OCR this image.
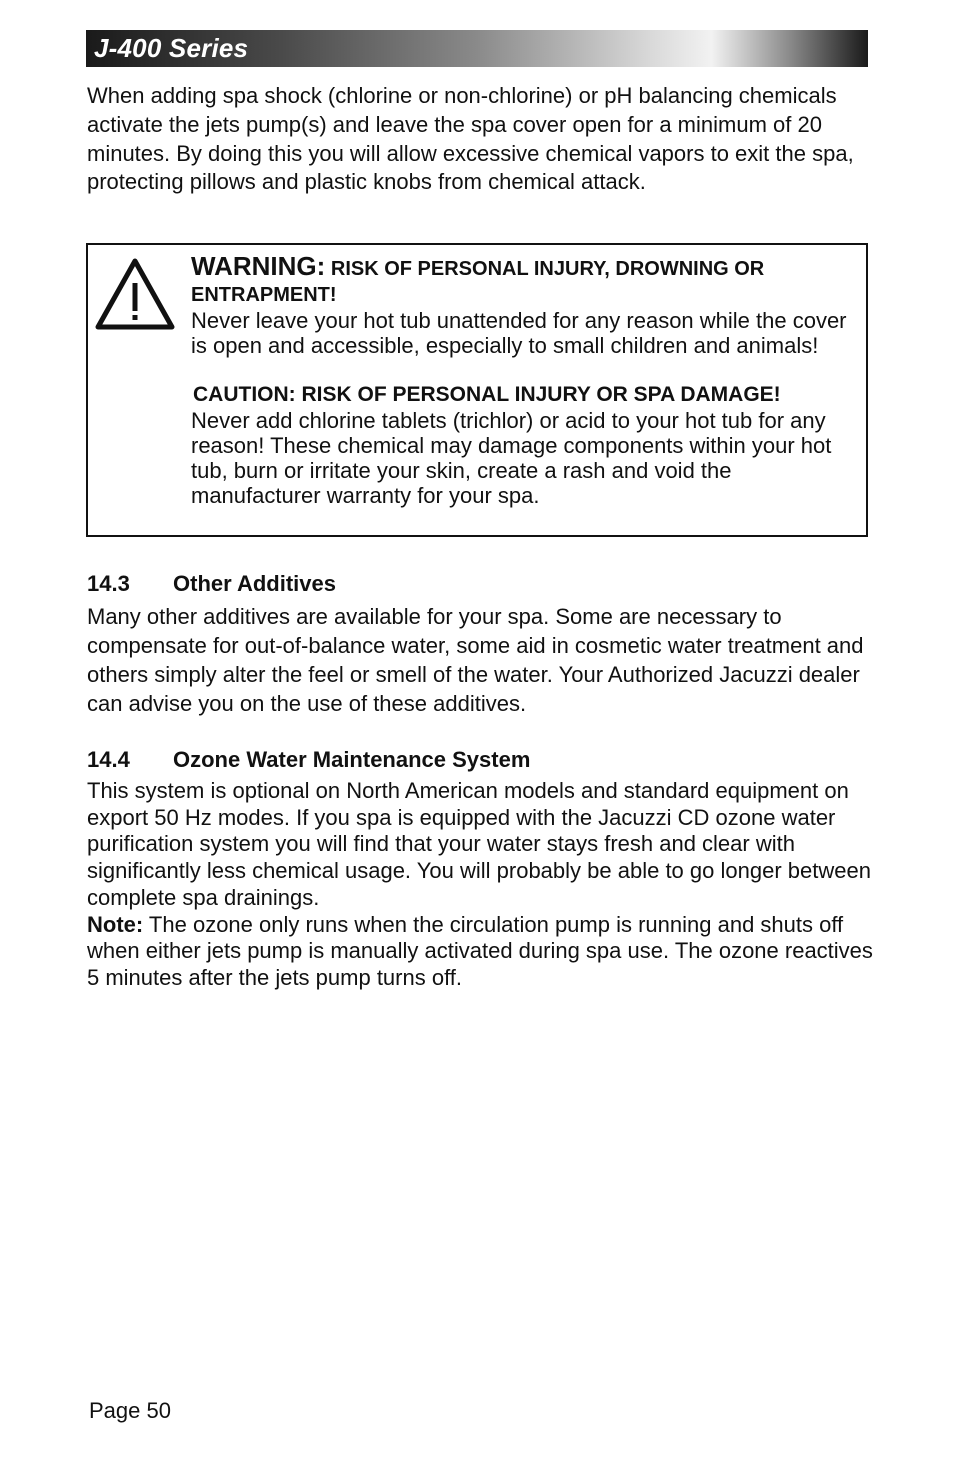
J-400 Series

When adding spa shock (chlorine or non-chlorine) or pH balancing chemicals activate the jets pump(s) and leave the spa cover open for a minimum of 20 minutes. By doing this you will allow excessive chemical vapors to exit the spa, protecting pillows and plastic knobs from chemical attack.

WARNING: RISK OF PERSONAL INJURY, DROWNING OR ENTRAPMENT!

Never leave your hot tub unattended for any reason while the cover is open and accessible, especially to small children and animals!

CAUTION: RISK OF PERSONAL INJURY OR SPA DAMAGE!

Never add chlorine tablets (trichlor) or acid to your hot tub for any reason! These chemical may damage components within your hot tub, burn or irritate your skin, create a rash and void the manufacturer warranty for your spa.

14.3 Other Additives

Many other additives are available for your spa. Some are necessary to compensate for out-of-balance water, some aid in cosmetic water treatment and others simply alter the feel or smell of the water. Your Authorized Jacuzzi dealer can advise you on the use of these additives.

14.4 Ozone Water Maintenance System
This system is optional on North American models and standard equipment on export 50 Hz modes. If you spa is equipped with the Jacuzzi CD ozone water purification system you will find that your water stays fresh and clear with significantly less chemical usage. You will probably be able to go longer between complete spa drainings.
Note: The ozone only runs when the circulation pump is running and shuts off when either jets pump is manually activated during spa use. The ozone reactives 5 minutes after the jets pump turns off.
Page 50
